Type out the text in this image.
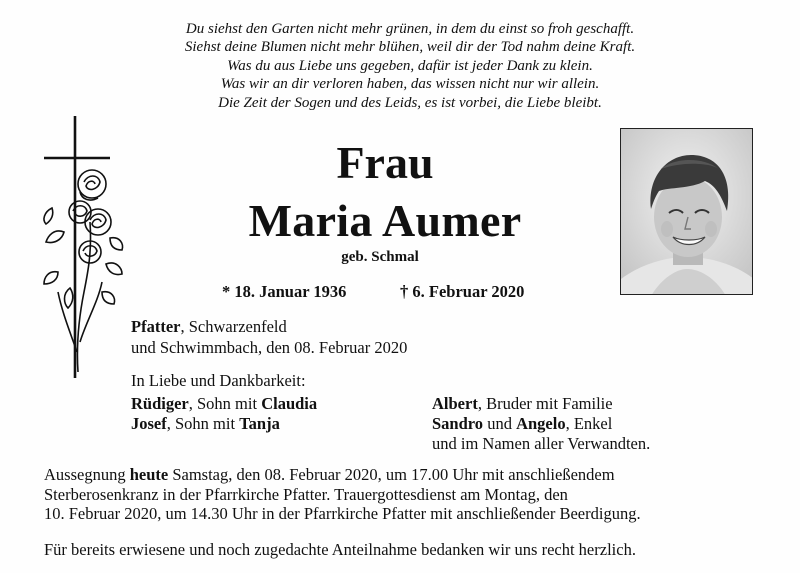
Du siehst den Garten nicht mehr grünen, in dem du einst so froh geschafft.
Siehst deine Blumen nicht mehr blühen, weil dir der Tod nahm deine Kraft.
Was du aus Liebe uns gegeben, dafür ist jeder Dank zu klein.
Was wir an dir verloren haben, das wissen nicht nur wir allein.
Die Zeit der Sogen und des Leids, es ist vorbei, die Liebe bleibt.
Frau
Maria Aumer
geb. Schmal
* 18. Januar 1936	† 6. Februar 2020
Pfatter, Schwarzenfeld
und Schwimmbach, den 08. Februar 2020
In Liebe und Dankbarkeit:
Rüdiger, Sohn mit Claudia
Josef, Sohn mit Tanja
Albert, Bruder mit Familie
Sandro und Angelo, Enkel
und im Namen aller Verwandten.
Aussegnung heute Samstag, den 08. Februar 2020, um 17.00 Uhr mit anschließendem
Sterberosenkranz in der Pfarrkirche Pfatter. Trauergottesdienst am Montag, den
10. Februar 2020, um 14.30 Uhr in der Pfarrkirche Pfatter mit anschließender Beerdigung.
Für bereits erwiesene und noch zugedachte Anteilnahme bedanken wir uns recht herzlich.
